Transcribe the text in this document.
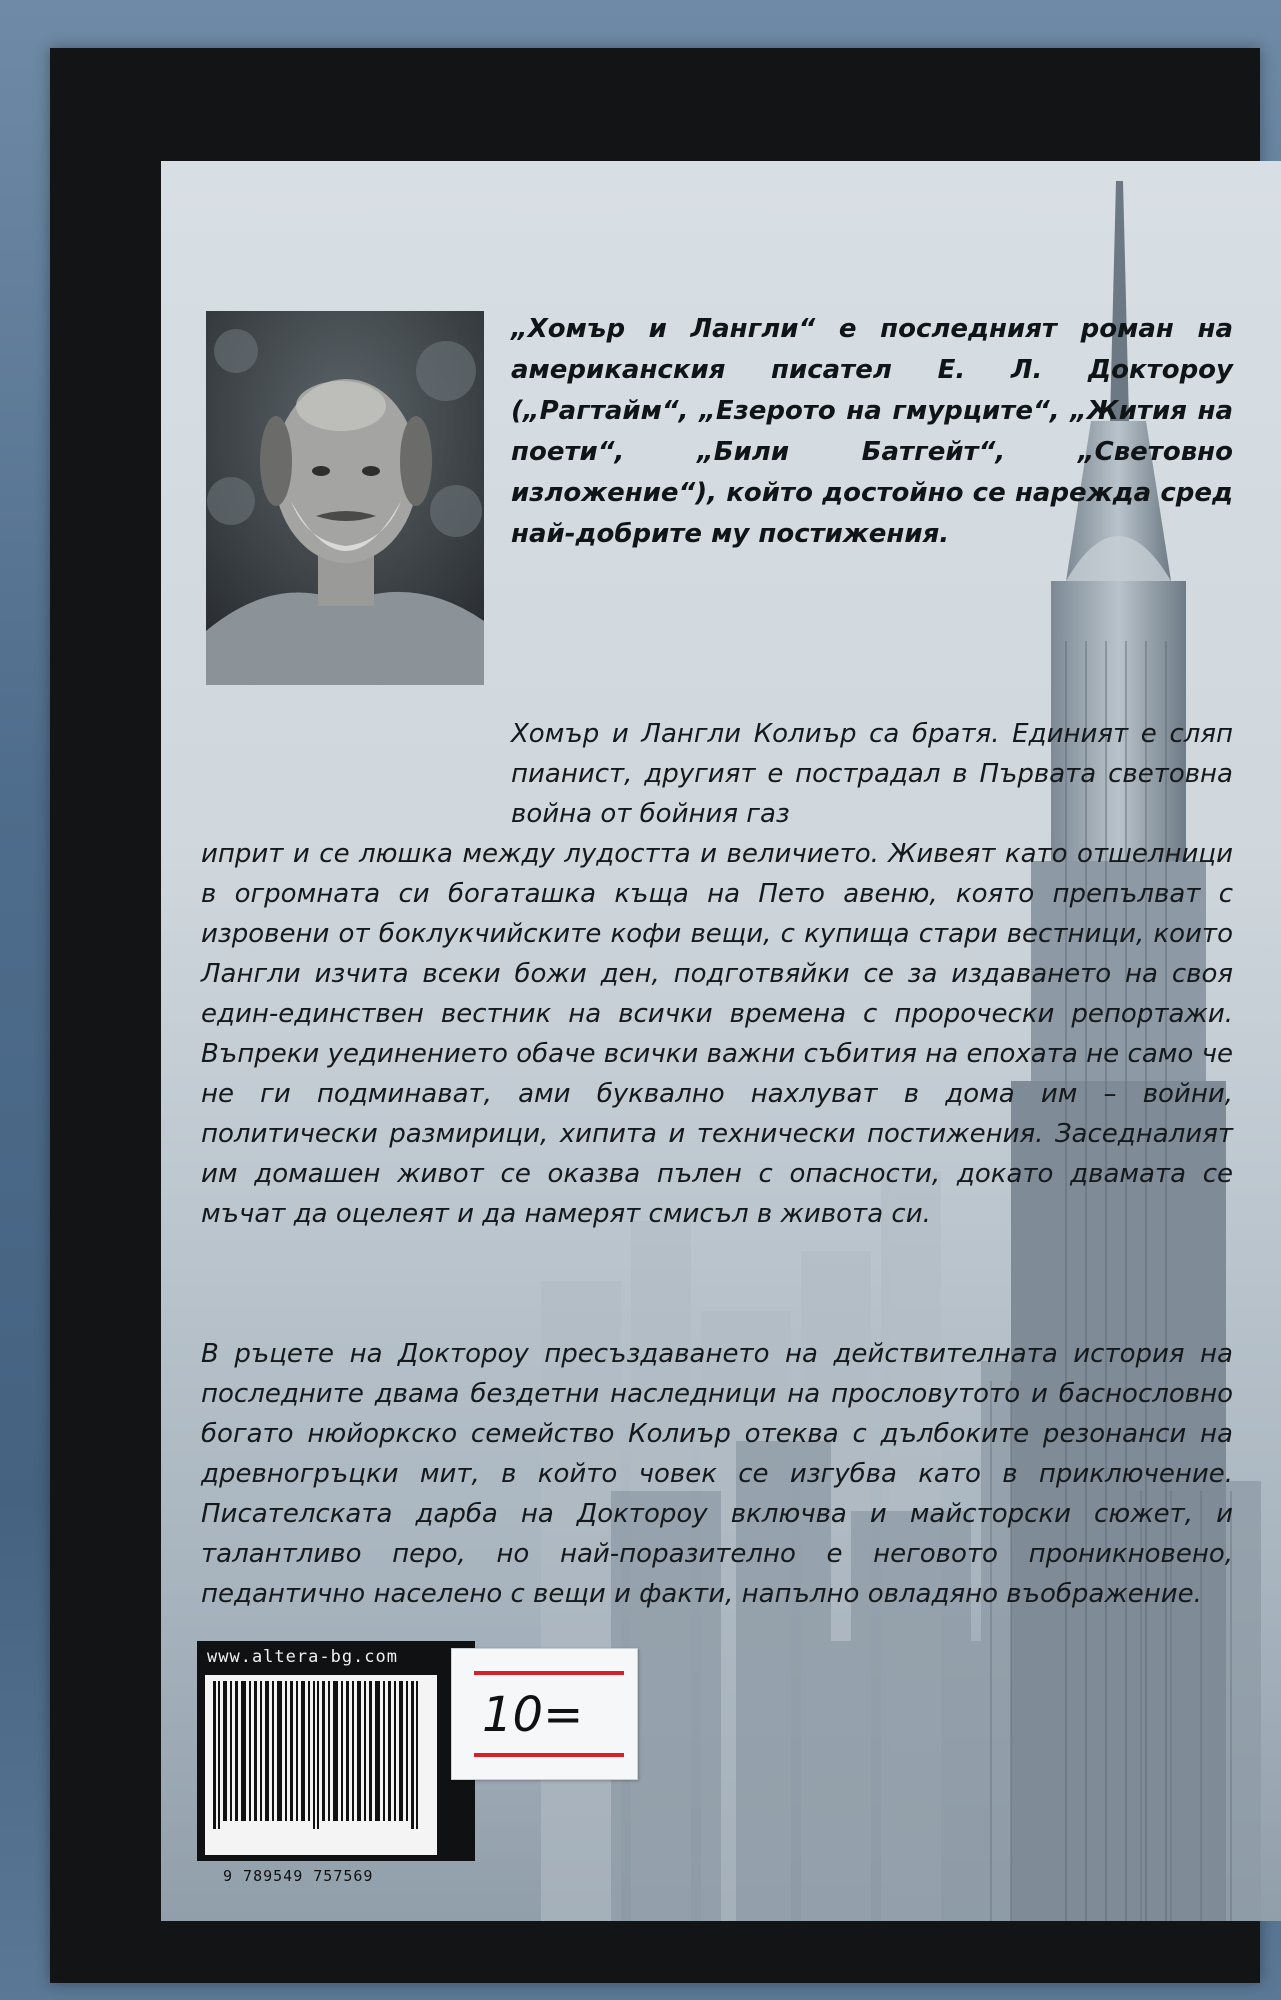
„Хомър и Лангли“ е последният роман на американския писател Е. Л. Доктороу („Рагтайм“, „Езерото на гмурците“, „Жития на поети“, „Били Батгейт“, „Световно изложение“), който достойно се нарежда сред най-добрите му постижения.
Хомър и Лангли Колиър са братя. Единият е сляп пианист, другият е пострадал в Първата световна война от бойния газ
иприт и се люшка между лудостта и величието. Живеят като отшелници в огромната си богаташка къща на Пето авеню, която препълват с изровени от боклукчийските кофи вещи, с купища стари вестници, които Лангли изчита всеки божи ден, подготвяйки се за издаването на своя един-единствен вестник на всички времена с пророчески репортажи. Въпреки уединението обаче всички важни събития на епохата не само че не ги подминават, ами буквално нахлуват в дома им – войни, политически размирици, хипита и технически постижения. Заседналият им домашен живот се оказва пълен с опасности, докато двамата се мъчат да оцелеят и да намерят смисъл в живота си.
В ръцете на Доктороу пресъздаването на действителната история на последните двама бездетни наследници на прословутото и баснословно богато нюйоркско семейство Колиър отеква с дълбоките резонанси на древногръцки мит, в който човек се изгубва като в приключение. Писателската дарба на Доктороу включва и майсторски сюжет, и талантливо перо, но най-поразително е неговото проникновено, педантично населено с вещи и факти, напълно овладяно въображение.
www.altera-bg.com
9 789549 757569
10=
